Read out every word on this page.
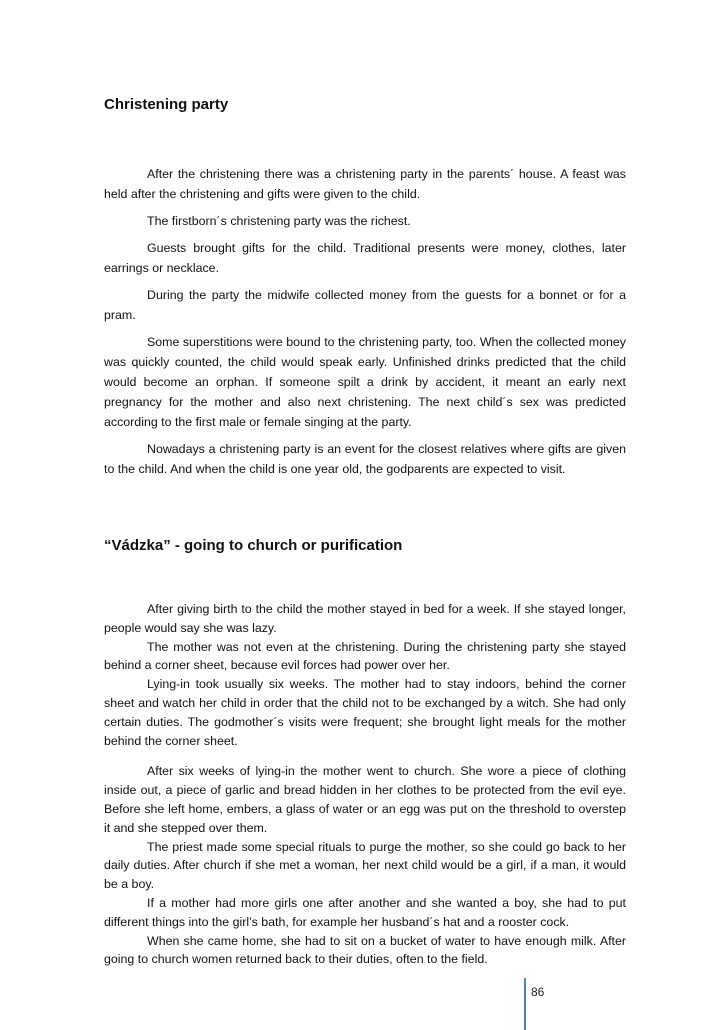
Christening party

After the christening there was a christening party in the parents´ house. A feast was held after the christening and gifts were given to the child.

The firstborn´s christening party was the richest.

Guests brought gifts for the child. Traditional presents were money, clothes, later earrings or necklace.

During the party the midwife collected money from the guests for a bonnet or for a pram.

Some superstitions were bound to the christening party, too. When the collected money was quickly counted, the child would speak early. Unfinished drinks predicted that the child would become an orphan. If someone spilt a drink by accident, it meant an early next pregnancy for the mother and also next christening. The next child´s sex was predicted according to the first male or female singing at the party.

Nowadays a christening party is an event for the closest relatives where gifts are given to the child. And when the child is one year old, the godparents are expected to visit.

“Vádzka” - going to church or purification

After giving birth to the child the mother stayed in bed for a week. If she stayed longer, people would say she was lazy.

The mother was not even at the christening. During the christening party she stayed behind a corner sheet, because evil forces had power over her.

Lying-in took usually six weeks. The mother had to stay indoors, behind the corner sheet and watch her child in order that the child not to be exchanged by a witch. She had only certain duties. The godmother´s visits were frequent; she brought light meals for the mother behind the corner sheet.

After six weeks of lying-in the mother went to church. She wore a piece of clothing inside out, a piece of garlic and bread hidden in her clothes to be protected from the evil eye. Before she left home, embers, a glass of water or an egg was put on the threshold to overstep it and she stepped over them.

The priest made some special rituals to purge the mother, so she could go back to her daily duties. After church if she met a woman, her next child would be a girl, if a man, it would be a boy.

If a mother had more girls one after another and she wanted a boy, she had to put different things into the girl’s bath, for example her husband´s hat and a rooster cock.

When she came home, she had to sit on a bucket of water to have enough milk. After going to church women returned back to their duties, often to the field.

86
